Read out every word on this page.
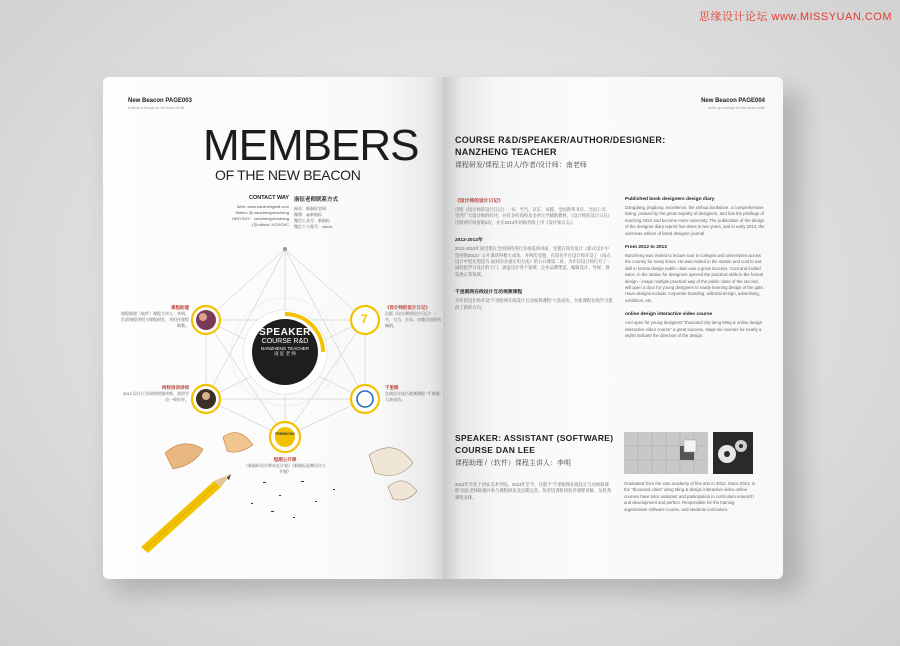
思缘设计论坛 www.MISSYUAN.COM
New Beacon PAGE003
build up a design for the future of life
MEMBERS
OF THE NEW BEACON
CONTACT WAY
Web: www.nanzhengsell.com
Weibo: @ nanzhengxinrcheng
HINYSUY：nanzhengxinrcheng
(东ruffoud :XOXOXC
南征老师联系方式
网站：新航标官网
微博：@新航标
微信公众号：新航标
微信个人账号：xdxdx
SPEAKER
COURSE R&D
NANZHENG TEACHER
南 征 老 师
课程助理
课程助理（软件）课程主讲人：李明。负责课程讲授与课程研发，并担任课程助教。
《设计师的设计日记》
出版《设计师的设计日记》一书，当当、京东、卓越全国图书畅销。
7
网校培训讲师
2012 设计行业网络授课讲师，获得学员一致好评。
千里眼
在线设计技巧视频课程 “千里眼” 大获成功。
FREEBOOK
短期公开课
《新航标设计师成长计划》《新航标品牌设计公开课》
New Beacon PAGE004
build up a design for the future of life
COURSE R&D/SPEAKER/AUTHOR/DESIGNER:
NANZHENG TEACHER
课程研发/课程主讲人/作者/设计师：南老师
《设计师的设计日记》
出版《设计师的设计日记》一书，当当、京东、卓越、全国新华书店、全国上市，受到广大设计师的好评，并有多所高校及多所大学辅助教材。《设计师的设计日记》出版两年间再版5次，并在2014年初海外版上市《设计师日志》。
2012-2013年
2012-2013年间受邀在全国高校进行多场巡回讲座，受邀在知名设计《新式设计中坚网络2013》公开课获得极大成功。并两次受邀，在知名平台设计师开设了《南式设计中坚实用技巧·面对的多重实用方法》的公开课第二讲，为年轻设计师打开了一扇轻松学习设计的大门，涵盖设计各个领域：企业品牌塑造、编辑设计、导视、展览展示等领域。
千里眼网在线设计互动视频课程
为年轻设计师开设“千里眼网在线设计互动视频课程”大获成功，为新课程在线学习提供了新的方向。
Published book designers design diary
Dangdang, jingdong, excellence, the xinhua bookstore, a comprehensive listing, praised by the great majority of designers, and has the privilege of teaching AIDS and become more university. The publication of the design of the designer diary reprint five times in two years, and in early 2014, the overseas edition of listed designer journal.
From 2012 to 2013
Nanzheng was invited to lecture tour in colleges and universities across the country for many times. He was invited in the station and cool to use skill in format design public class was a great success. Cool and invited twice, in the station for designers opened the practical skills in the format design - image multiple practical way of the public class of the second, will open a door for young designers to easily learning design of the gate. Have designs include: corporate branding, editorial design, advertising, exhibition, etc.
online design interactive video course
And open for young designers "thousand city deng Ming & online design interactive video course" a great success, stage six courses for nearly a stylist indicate the direction of the design.
SPEAKER: ASSISTANT (SOFTWARE)
COURSE DAN LEE
课程助理 /（软件）课程主讲人：李明
2012年毕业于西安美术学院。2013年至今，任职于“千里眼网在线设计互动视频课程”南征老师助理并参与课程研发及后期完善。负责培训机构软件课程讲解，及优秀课程安排。
Graduated from the xian academy of fine arts in 2012. Since 2013, in the "thousand cities" deng Ming & design interactive video online courses have tutor assistant and participation in curriculum research and development and perfect. Responsible for the training organization software course, and students curriculum.
